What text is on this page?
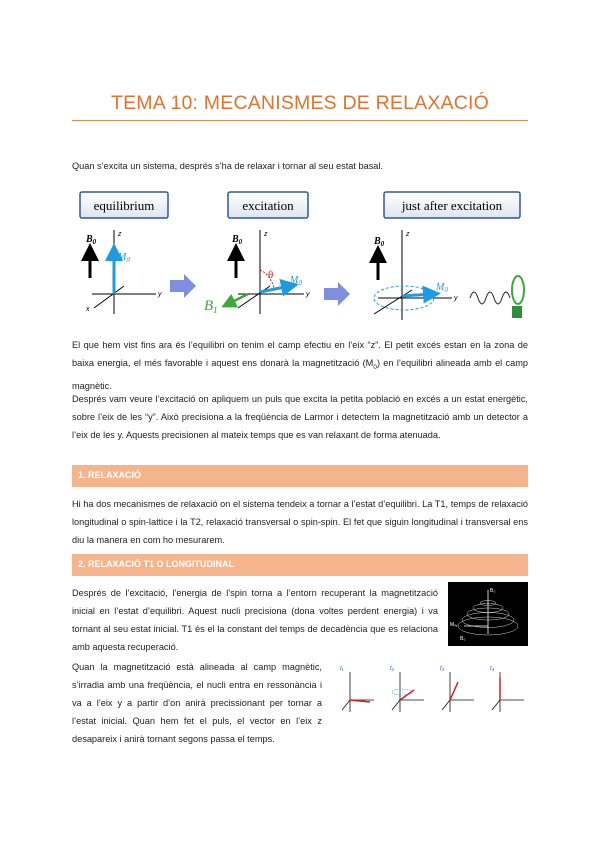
TEMA 10: MECANISMES DE RELAXACIÓ

Quan s’excita un sistema, després s’ha de relaxar i tornar al seu estat basal.

equilibrium	excitation	just after excitation
$B_0$
$M_0$
z
y
x
θ
$B_0$
$B_1$
$M_0$
z
y
$B_0$
$M_0$
z
y

El que hem vist fins ara és l’equilibri on tenim el camp efectiu en l’eix “z”. El petit excés estan en la zona de baixa energia, el més favorable i aquest ens donarà la magnetització $(M_0)$ en l’equilibri alineada amb el camp magnètic.

Després vam veure l’excitació on apliquem un puls que excita la petita població en excés a un estat energètic, sobre l’eix de les “y”. Això precisiona a la freqüència de Larmor i detectem la magnetització amb un detector a l’eix de les y. Aquests precisionen al mateix temps que es van relaxant de forma atenuada.

1. RELAXACIÓ

Hi ha dos mecanismes de relaxació on el sistema tendeix a tornar a l’estat d’equilibri. La T1, temps de relaxació longitudinal o spin-lattice i la T2, relaxació transversal o spin-spin. El fet que siguin longitudinal i transversal ens diu la manera en com ho mesurarem.

2. RELAXACIÓ T1 O LONGITUDINAL

Després de l’excitació, l’energia de l’spin torna a l’entorn recuperant la magnetització inicial en l’estat d’equilibri. Aquest nucli precisiona (dona voltes perdent energia) i va tornant al seu estat inicial. T1 és el la constant del temps de decadència que es relaciona amb aquesta recuperació.

B₀
Mₓᵧ
B₀

Quan la magnetització està alineada al camp magnètic, s’irradia amb una freqüència, el nucli entra en ressonància i va a l’eix y a partir d’on anirà precissionant per tornar a l’estat inicial. Quan hem fet el puls, el vector en l’eix z desapareix i anirà tornant segons passa el temps.

t₁	t₂	t₃	t₄
